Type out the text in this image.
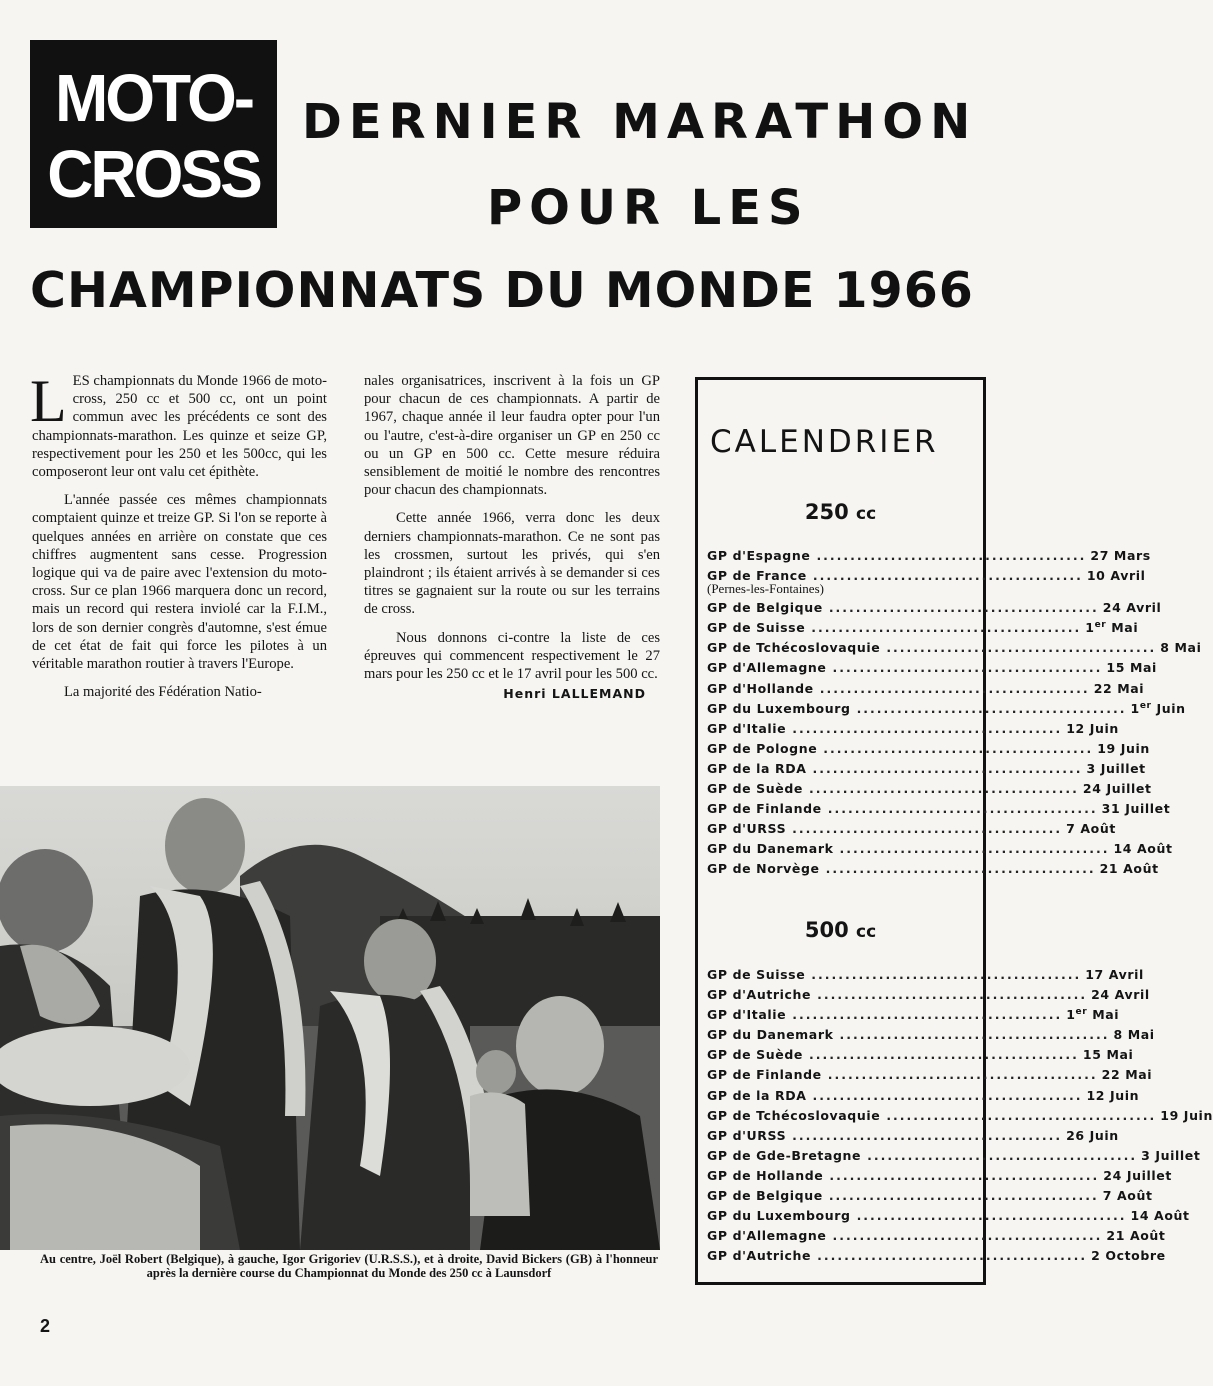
MOTO-
CROSS
DERNIER MARATHON
POUR LES
CHAMPIONNATS DU MONDE 1966

LES championnats du Monde 1966 de moto-cross, 250 cc et 500 cc, ont un point commun avec les précédents ce sont des championnats-marathon. Les quinze et seize GP, respectivement pour les 250 et les 500cc, qui les composeront leur ont valu cet épithète.

L'année passée ces mêmes championnats comptaient quinze et treize GP. Si l'on se reporte à quelques années en arrière on constate que ces chiffres augmentent sans cesse. Progression logique qui va de paire avec l'extension du moto-cross. Sur ce plan 1966 marquera donc un record, mais un record qui restera inviolé car la F.I.M., lors de son dernier congrès d'automne, s'est émue de cet état de fait qui force les pilotes à un véritable marathon routier à travers l'Europe.

La majorité des Fédération Natio-

nales organisatrices, inscrivent à la fois un GP pour chacun de ces championnats. A partir de 1967, chaque année il leur faudra opter pour l'un ou l'autre, c'est-à-dire organiser un GP en 250 cc ou un GP en 500 cc. Cette mesure réduira sensiblement de moitié le nombre des rencontres pour chacun des championnats.

Cette année 1966, verra donc les deux derniers championnats-marathon. Ce ne sont pas les crossmen, surtout les privés, qui s'en plaindront ; ils étaient arrivés à se demander si ces titres se gagnaient sur la route ou sur les terrains de cross.

Nous donnons ci-contre la liste de ces épreuves qui commencent respectivement le 27 mars pour les 250 cc et le 17 avril pour les 500 cc.

Henri LALLEMAND
Au centre, Joël Robert (Belgique), à gauche, Igor Grigoriev (U.R.S.S.), et à droite, David Bickers (GB) à l'honneur après la dernière course du Championnat du Monde des 250 cc à Launsdorf
2
CALENDRIER
250 cc
GP d'Espagne ........................................ 27 Mars
GP de France ........................................ 10 Avril
(Pernes-les-Fontaines)
GP de Belgique ........................................ 24 Avril
GP de Suisse ........................................ 1er Mai
GP de Tchécoslovaquie ........................................ 8 Mai
GP d'Allemagne ........................................ 15 Mai
GP d'Hollande ........................................ 22 Mai
GP du Luxembourg ........................................ 1er Juin
GP d'Italie ........................................ 12 Juin
GP de Pologne ........................................ 19 Juin
GP de la RDA ........................................ 3 Juillet
GP de Suède ........................................ 24 Juillet
GP de Finlande ........................................ 31 Juillet
GP d'URSS ........................................ 7 Août
GP du Danemark ........................................ 14 Août
GP de Norvège ........................................ 21 Août
500 cc
GP de Suisse ........................................ 17 Avril
GP d'Autriche ........................................ 24 Avril
GP d'Italie ........................................ 1er Mai
GP du Danemark ........................................ 8 Mai
GP de Suède ........................................ 15 Mai
GP de Finlande ........................................ 22 Mai
GP de la RDA ........................................ 12 Juin
GP de Tchécoslovaquie ........................................ 19 Juin
GP d'URSS ........................................ 26 Juin
GP de Gde-Bretagne ........................................ 3 Juillet
GP de Hollande ........................................ 24 Juillet
GP de Belgique ........................................ 7 Août
GP du Luxembourg ........................................ 14 Août
GP d'Allemagne ........................................ 21 Août
GP d'Autriche ........................................ 2 Octobre
